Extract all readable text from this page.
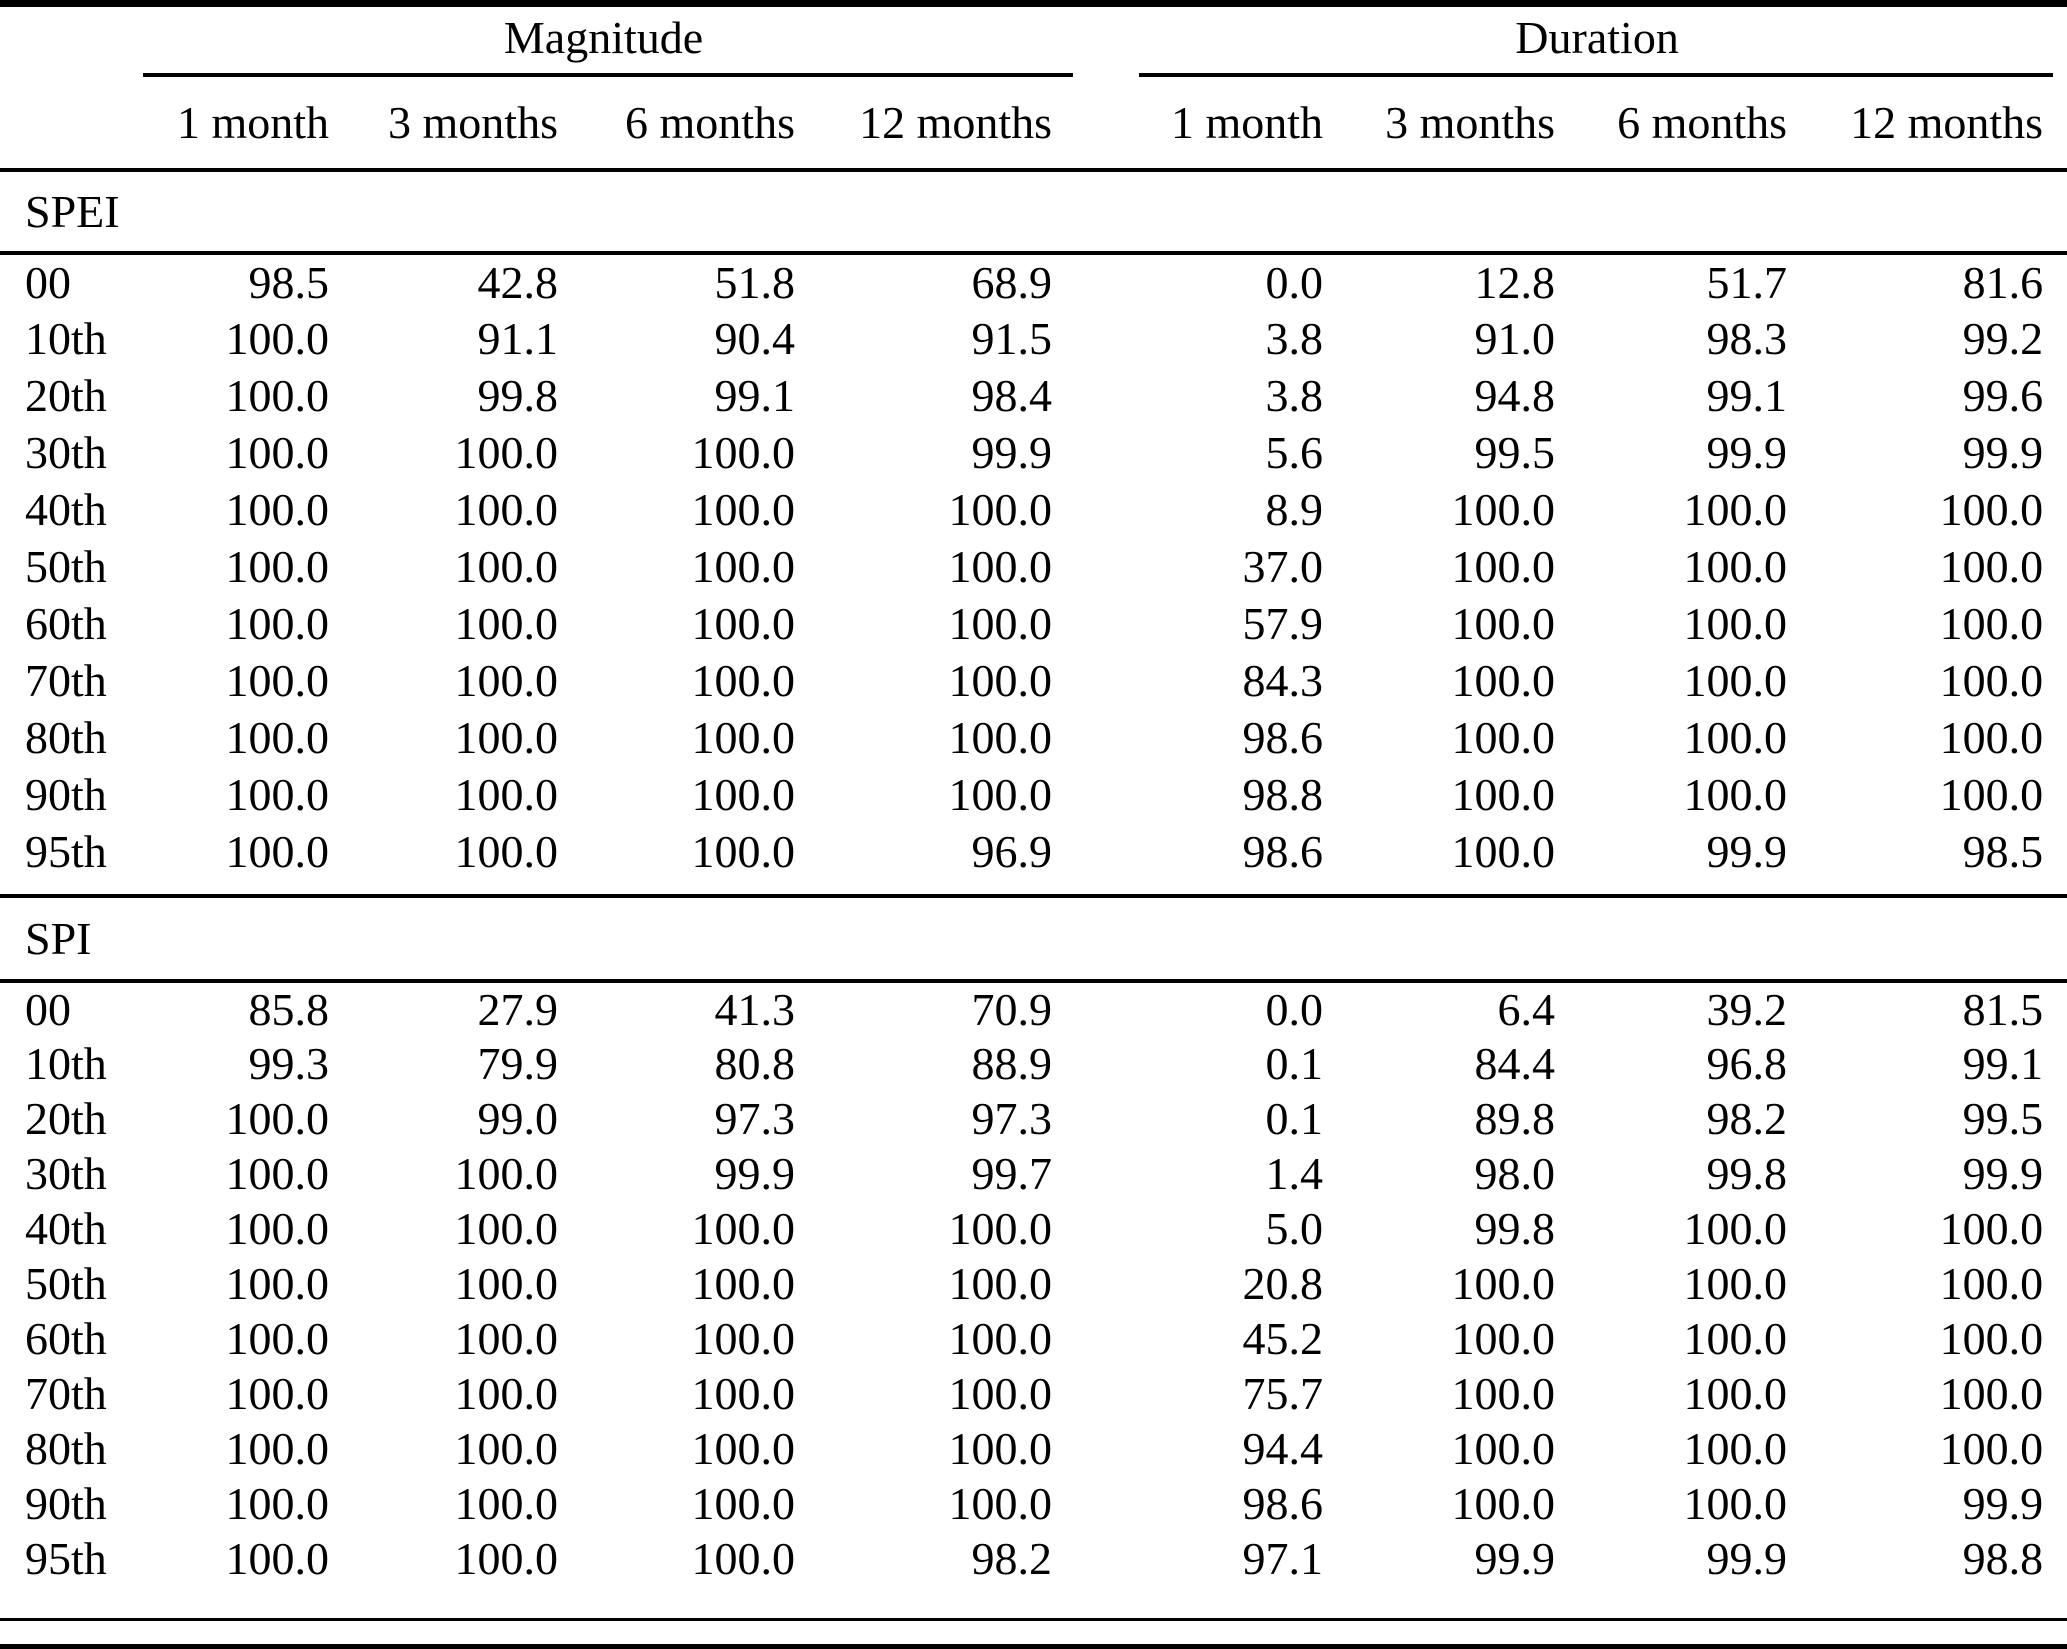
	Magnitude				Duration			

	1 month	3 months	6 months	12 months	1 month	3 months	6 months	12 months
SPEI								
00	98.5	42.8	51.8	68.9	0.0	12.8	51.7	81.6
10th	100.0	91.1	90.4	91.5	3.8	91.0	98.3	99.2
20th	100.0	99.8	99.1	98.4	3.8	94.8	99.1	99.6
30th	100.0	100.0	100.0	99.9	5.6	99.5	99.9	99.9
40th	100.0	100.0	100.0	100.0	8.9	100.0	100.0	100.0
50th	100.0	100.0	100.0	100.0	37.0	100.0	100.0	100.0
60th	100.0	100.0	100.0	100.0	57.9	100.0	100.0	100.0
70th	100.0	100.0	100.0	100.0	84.3	100.0	100.0	100.0
80th	100.0	100.0	100.0	100.0	98.6	100.0	100.0	100.0
90th	100.0	100.0	100.0	100.0	98.8	100.0	100.0	100.0
95th	100.0	100.0	100.0	96.9	98.6	100.0	99.9	98.5

SPI								
00	85.8	27.9	41.3	70.9	0.0	6.4	39.2	81.5
10th	99.3	79.9	80.8	88.9	0.1	84.4	96.8	99.1
20th	100.0	99.0	97.3	97.3	0.1	89.8	98.2	99.5
30th	100.0	100.0	99.9	99.7	1.4	98.0	99.8	99.9
40th	100.0	100.0	100.0	100.0	5.0	99.8	100.0	100.0
50th	100.0	100.0	100.0	100.0	20.8	100.0	100.0	100.0
60th	100.0	100.0	100.0	100.0	45.2	100.0	100.0	100.0
70th	100.0	100.0	100.0	100.0	75.7	100.0	100.0	100.0
80th	100.0	100.0	100.0	100.0	94.4	100.0	100.0	100.0
90th	100.0	100.0	100.0	100.0	98.6	100.0	100.0	99.9
95th	100.0	100.0	100.0	98.2	97.1	99.9	99.9	98.8
